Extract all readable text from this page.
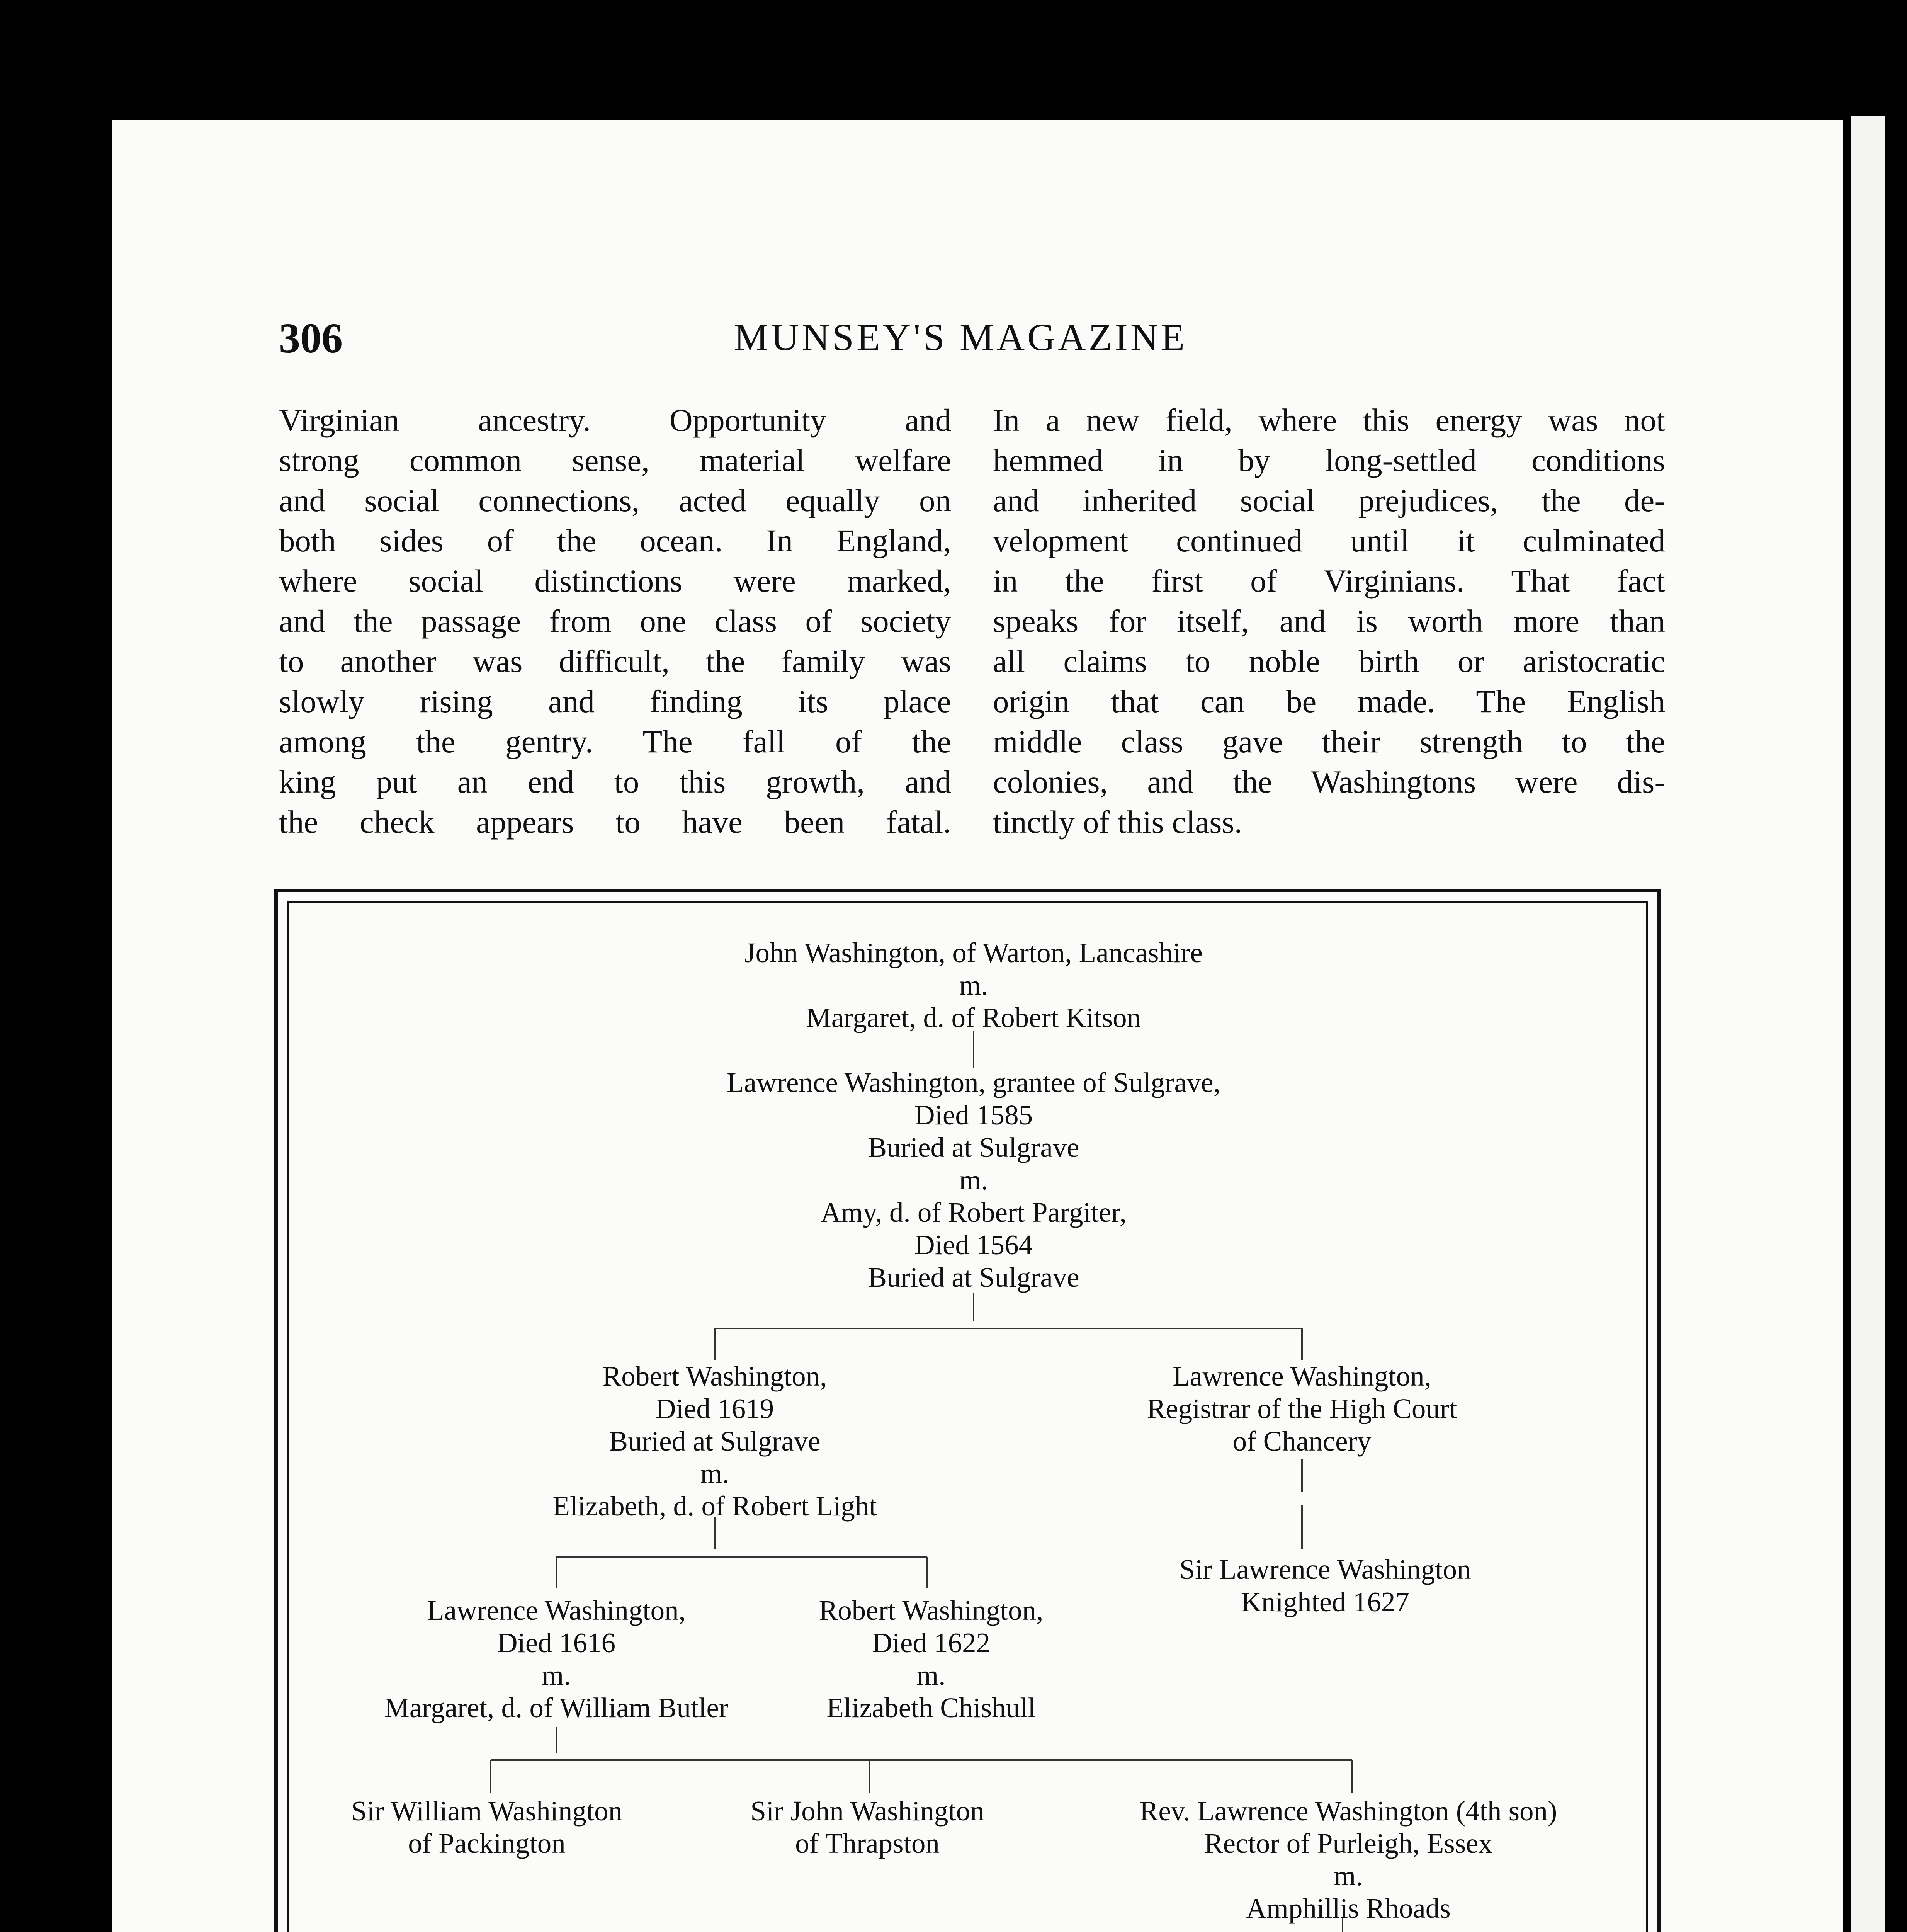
306	MUNSEY'S MAGAZINE
Virginian ancestry. Opportunity and
strong common sense, material welfare
and social connections, acted equally on
both sides of the ocean. In England,
where social distinctions were marked,
and the passage from one class of society
to another was difficult, the family was
slowly rising and finding its place
among the gentry. The fall of the
king put an end to this growth, and
the check appears to have been fatal.
In a new field, where this energy was not
hemmed in by long-settled conditions
and inherited social prejudices, the de-
velopment continued until it culminated
in the first of Virginians. That fact
speaks for itself, and is worth more than
all claims to noble birth or aristocratic
origin that can be made. The English
middle class gave their strength to the
colonies, and the Washingtons were dis-
tinctly of this class.
John Washington, of Warton, Lancashire
m.
Margaret, d. of Robert Kitson
Lawrence Washington, grantee of Sulgrave,
Died 1585
Buried at Sulgrave
m.
Amy, d. of Robert Pargiter,
Died 1564
Buried at Sulgrave
Robert Washington,
Died 1619
Buried at Sulgrave
m.
Elizabeth, d. of Robert Light
Lawrence Washington,
Registrar of the High Court
of Chancery
Sir Lawrence Washington
Knighted 1627
Lawrence Washington,
Died 1616
m.
Margaret, d. of William Butler
Robert Washington,
Died 1622
m.
Elizabeth Chishull
Sir William Washington
of Packington
Sir John Washington
of Thrapston
Rev. Lawrence Washington (4th son)
Rector of Purleigh, Essex
m.
Amphillis Rhoads
